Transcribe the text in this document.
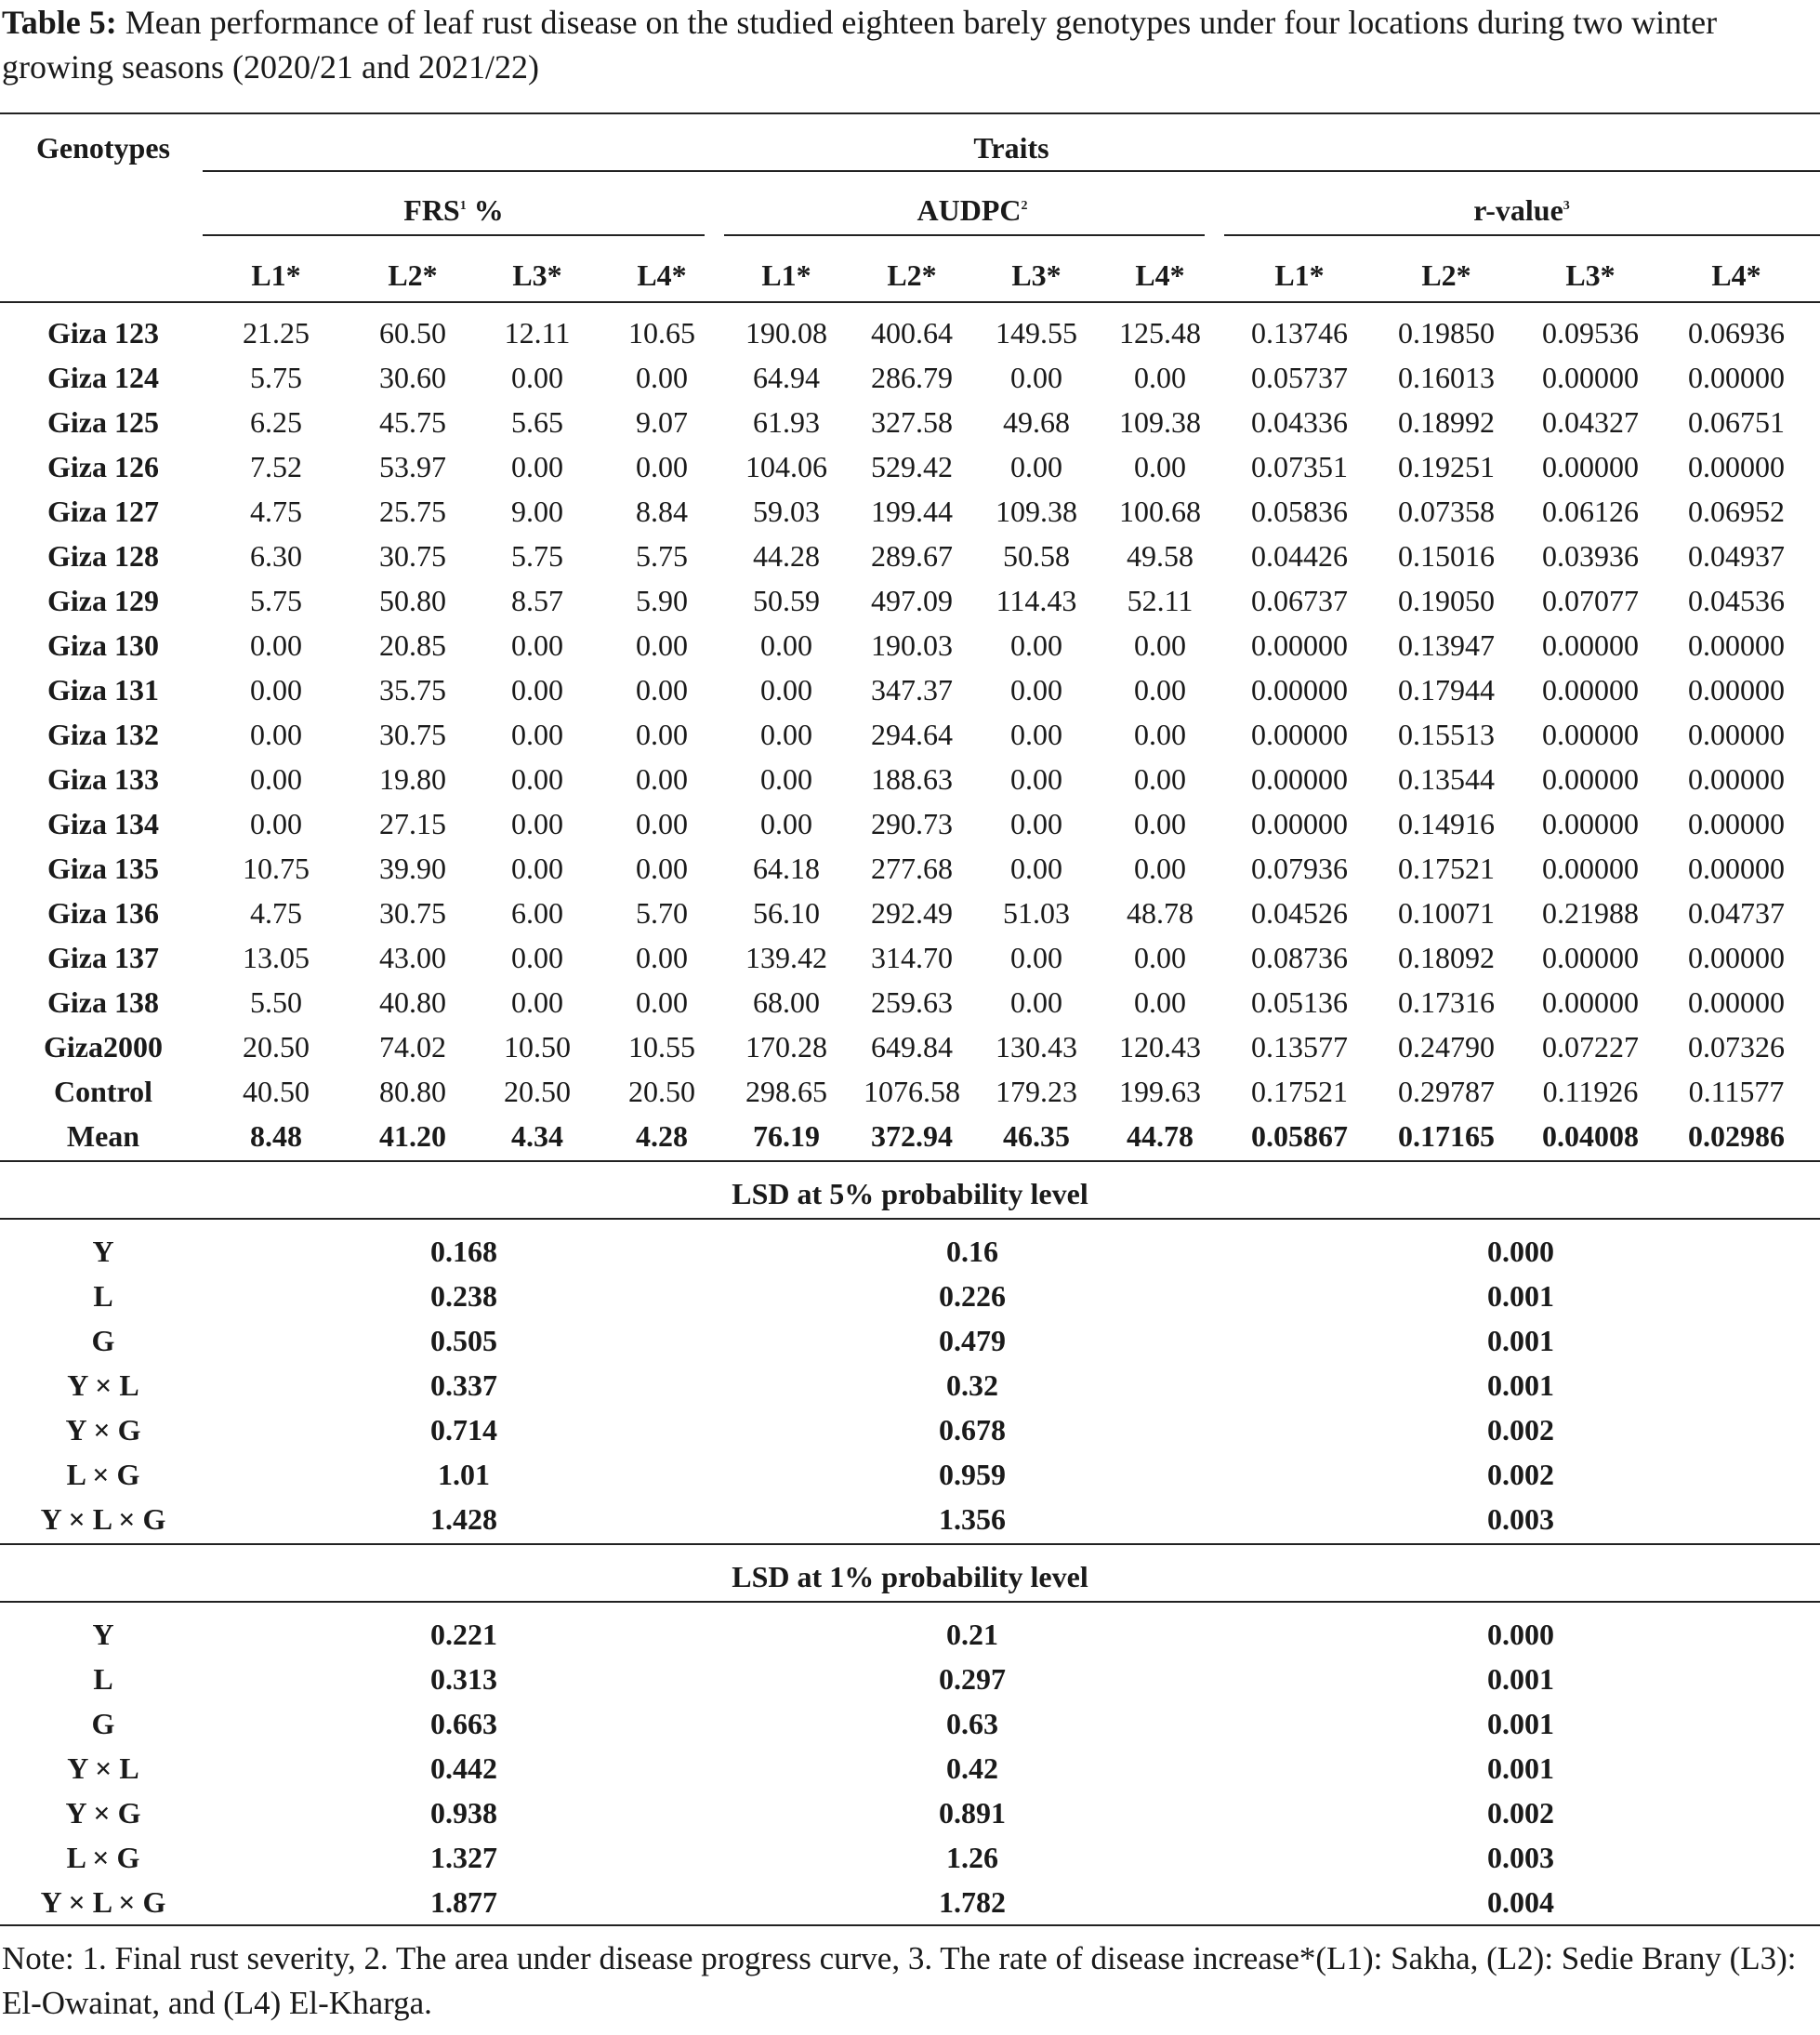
Table 5: Mean performance of leaf rust disease on the studied eighteen barely genotypes under four locations during two winter growing seasons (2020/21 and 2021/22)

Genotypes	Traits
FRS$^1$ %	AUDPC$^2$	r-value$^3$
L1*	L2*	L3*	L4*	L1*	L2*	L3*	L4*	L1*	L2*	L3*	L4*
Giza 123	21.25	60.50	12.11	10.65	190.08	400.64	149.55	125.48	0.13746	0.19850	0.09536	0.06936
Giza 124	5.75	30.60	0.00	0.00	64.94	286.79	0.00	0.00	0.05737	0.16013	0.00000	0.00000
Giza 125	6.25	45.75	5.65	9.07	61.93	327.58	49.68	109.38	0.04336	0.18992	0.04327	0.06751
Giza 126	7.52	53.97	0.00	0.00	104.06	529.42	0.00	0.00	0.07351	0.19251	0.00000	0.00000
Giza 127	4.75	25.75	9.00	8.84	59.03	199.44	109.38	100.68	0.05836	0.07358	0.06126	0.06952
Giza 128	6.30	30.75	5.75	5.75	44.28	289.67	50.58	49.58	0.04426	0.15016	0.03936	0.04937
Giza 129	5.75	50.80	8.57	5.90	50.59	497.09	114.43	52.11	0.06737	0.19050	0.07077	0.04536
Giza 130	0.00	20.85	0.00	0.00	0.00	190.03	0.00	0.00	0.00000	0.13947	0.00000	0.00000
Giza 131	0.00	35.75	0.00	0.00	0.00	347.37	0.00	0.00	0.00000	0.17944	0.00000	0.00000
Giza 132	0.00	30.75	0.00	0.00	0.00	294.64	0.00	0.00	0.00000	0.15513	0.00000	0.00000
Giza 133	0.00	19.80	0.00	0.00	0.00	188.63	0.00	0.00	0.00000	0.13544	0.00000	0.00000
Giza 134	0.00	27.15	0.00	0.00	0.00	290.73	0.00	0.00	0.00000	0.14916	0.00000	0.00000
Giza 135	10.75	39.90	0.00	0.00	64.18	277.68	0.00	0.00	0.07936	0.17521	0.00000	0.00000
Giza 136	4.75	30.75	6.00	5.70	56.10	292.49	51.03	48.78	0.04526	0.10071	0.21988	0.04737
Giza 137	13.05	43.00	0.00	0.00	139.42	314.70	0.00	0.00	0.08736	0.18092	0.00000	0.00000
Giza 138	5.50	40.80	0.00	0.00	68.00	259.63	0.00	0.00	0.05136	0.17316	0.00000	0.00000
Giza2000	20.50	74.02	10.50	10.55	170.28	649.84	130.43	120.43	0.13577	0.24790	0.07227	0.07326
Control	40.50	80.80	20.50	20.50	298.65	1076.58	179.23	199.63	0.17521	0.29787	0.11926	0.11577
Mean	8.48	41.20	4.34	4.28	76.19	372.94	46.35	44.78	0.05867	0.17165	0.04008	0.02986
LSD at 5% probability level
Y	0.168	0.16	0.000
L	0.238	0.226	0.001
G	0.505	0.479	0.001
Y × L	0.337	0.32	0.001
Y × G	0.714	0.678	0.002
L × G	1.01	0.959	0.002
Y × L × G	1.428	1.356	0.003
LSD at 1% probability level
Y	0.221	0.21	0.000
L	0.313	0.297	0.001
G	0.663	0.63	0.001
Y × L	0.442	0.42	0.001
Y × G	0.938	0.891	0.002
L × G	1.327	1.26	0.003
Y × L × G	1.877	1.782	0.004

Note: 1. Final rust severity, 2. The area under disease progress curve, 3. The rate of disease increase*(L1): Sakha, (L2): Sedie Brany (L3): El-Owainat, and (L4) El-Kharga.
